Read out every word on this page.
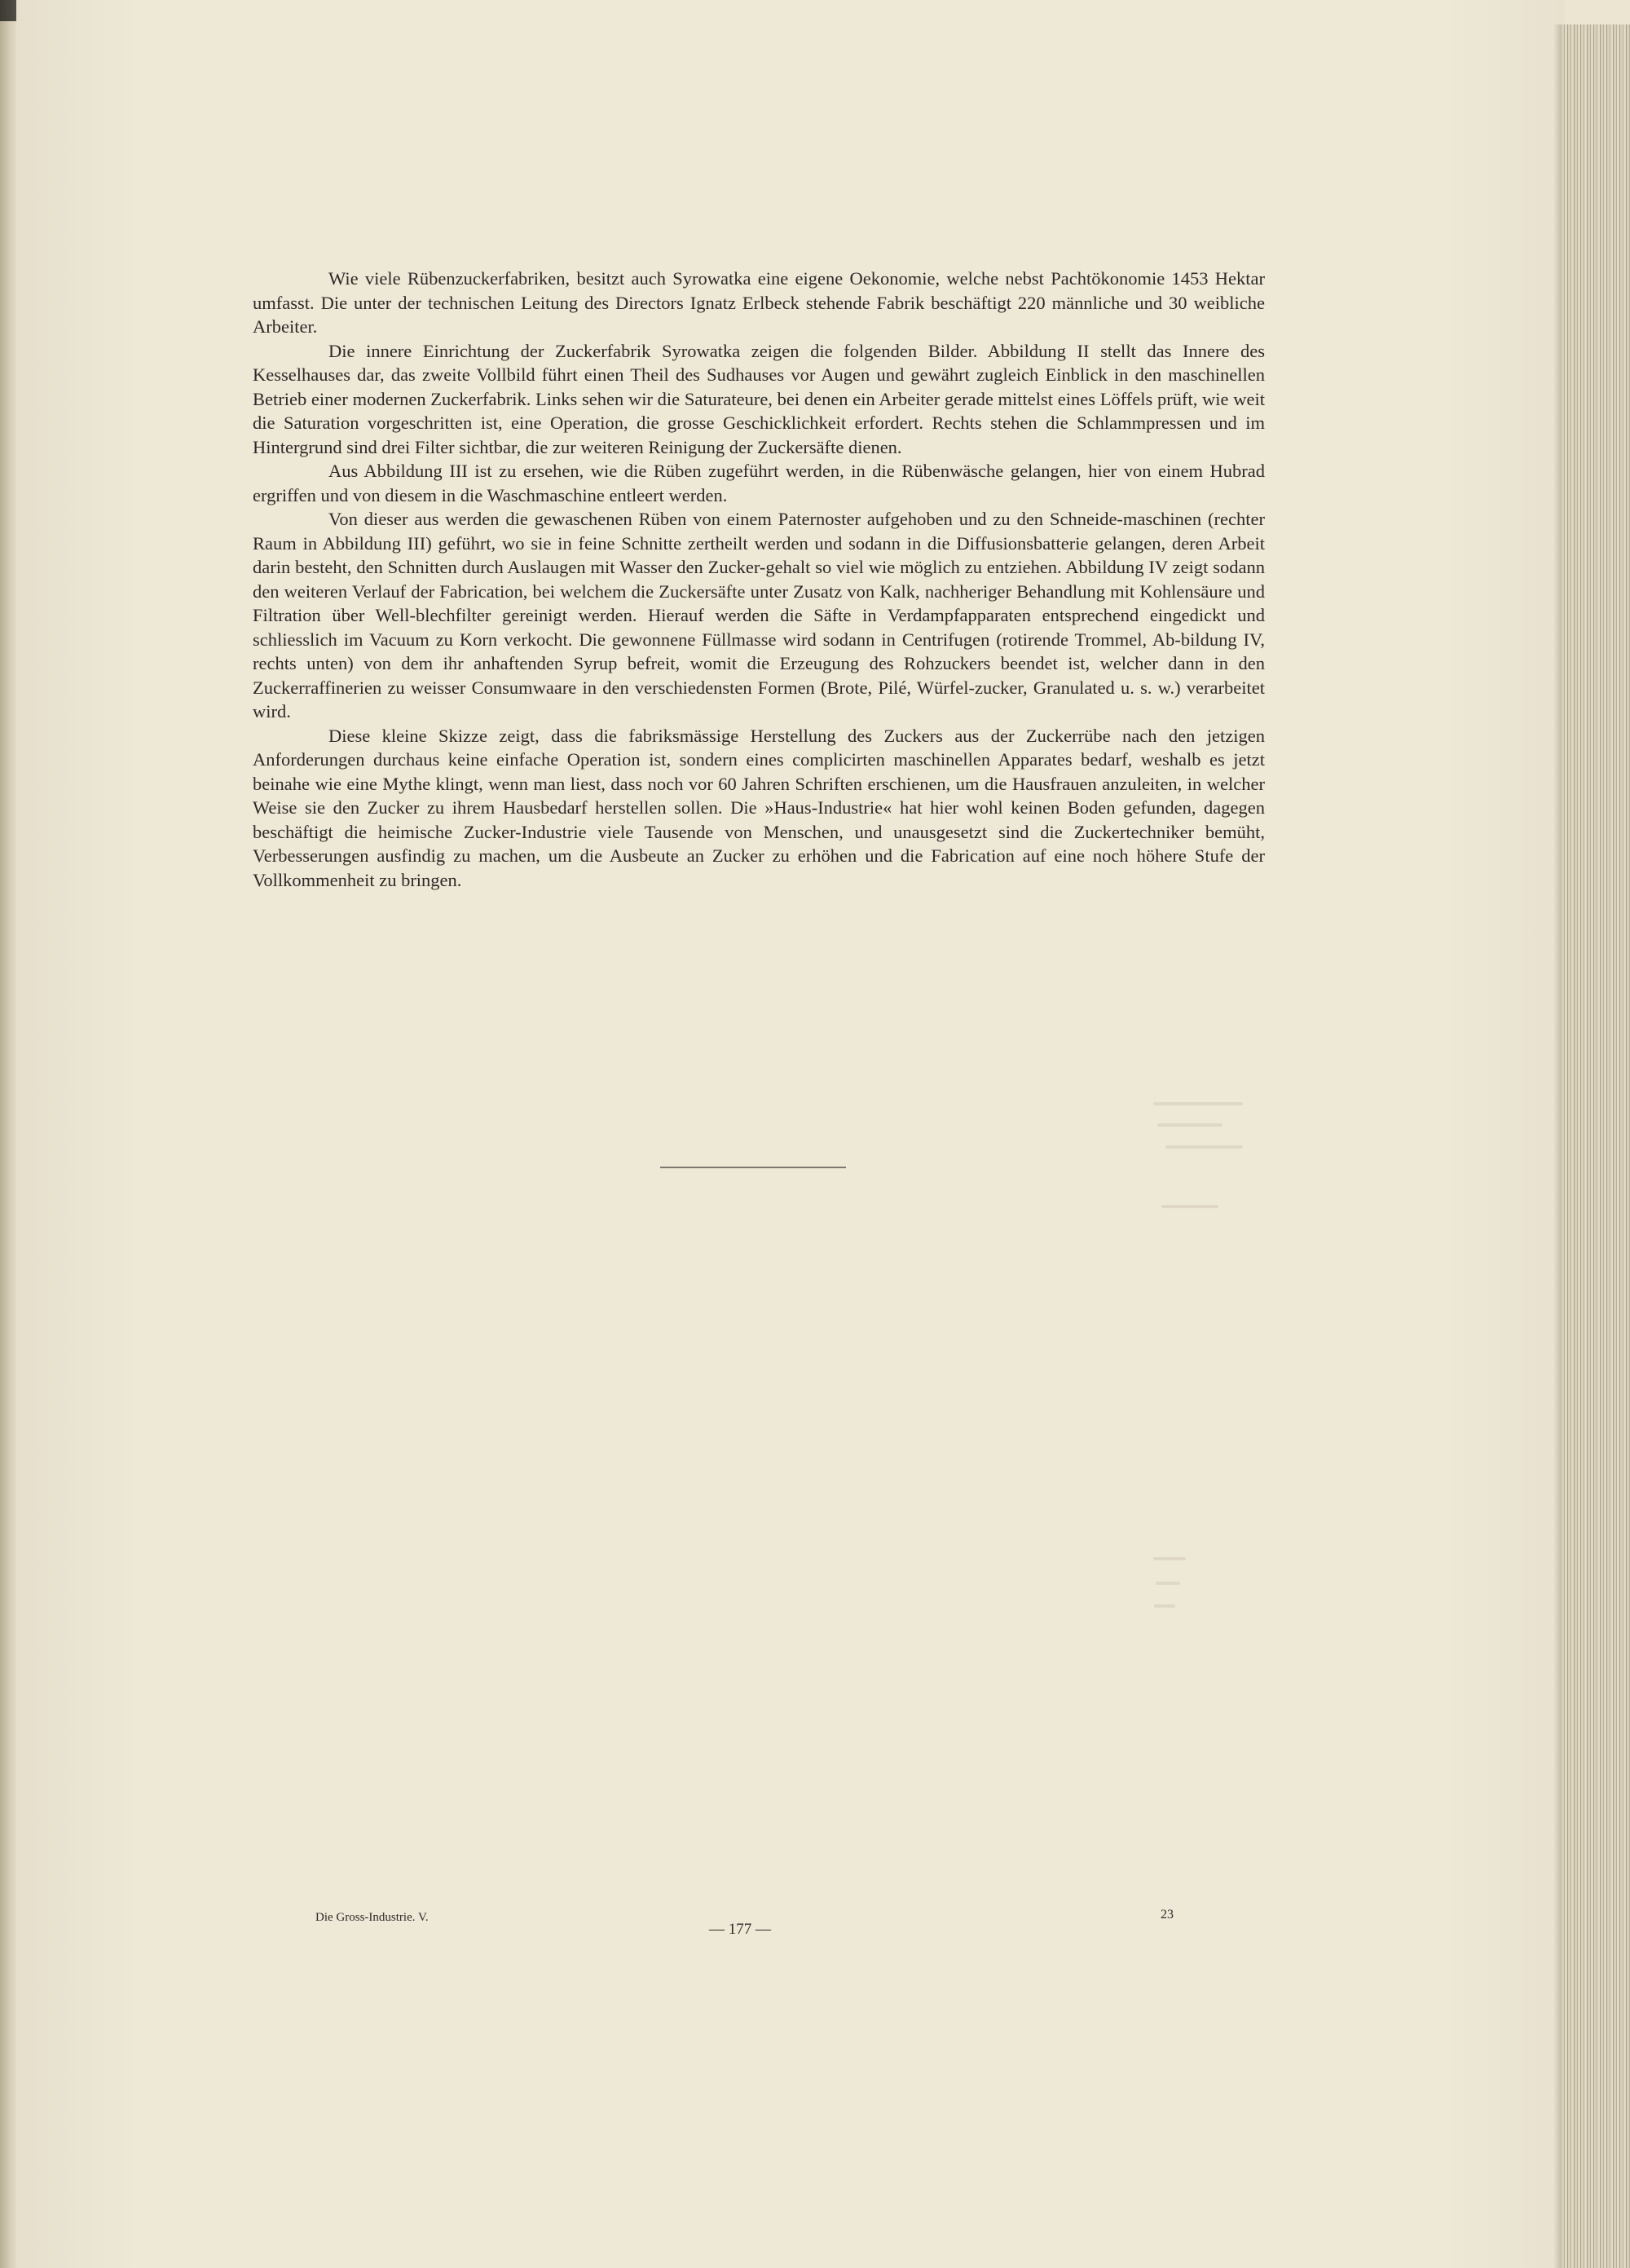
Wie viele Rübenzuckerfabriken, besitzt auch Syrowatka eine eigene Oekonomie, welche nebst Pachtökonomie 1453 Hektar umfasst. Die unter der technischen Leitung des Directors Ignatz Erlbeck stehende Fabrik beschäftigt 220 männliche und 30 weibliche Arbeiter.

Die innere Einrichtung der Zuckerfabrik Syrowatka zeigen die folgenden Bilder. Abbildung II stellt das Innere des Kesselhauses dar, das zweite Vollbild führt einen Theil des Sudhauses vor Augen und gewährt zugleich Einblick in den maschinellen Betrieb einer modernen Zuckerfabrik. Links sehen wir die Saturateure, bei denen ein Arbeiter gerade mittelst eines Löffels prüft, wie weit die Saturation vorgeschritten ist, eine Operation, die grosse Geschicklichkeit erfordert. Rechts stehen die Schlammpressen und im Hintergrund sind drei Filter sichtbar, die zur weiteren Reinigung der Zuckersäfte dienen.

Aus Abbildung III ist zu ersehen, wie die Rüben zugeführt werden, in die Rübenwäsche gelangen, hier von einem Hubrad ergriffen und von diesem in die Waschmaschine entleert werden.

Von dieser aus werden die gewaschenen Rüben von einem Paternoster aufgehoben und zu den Schneide-maschinen (rechter Raum in Abbildung III) geführt, wo sie in feine Schnitte zertheilt werden und sodann in die Diffusionsbatterie gelangen, deren Arbeit darin besteht, den Schnitten durch Auslaugen mit Wasser den Zucker-gehalt so viel wie möglich zu entziehen. Abbildung IV zeigt sodann den weiteren Verlauf der Fabrication, bei welchem die Zuckersäfte unter Zusatz von Kalk, nachheriger Behandlung mit Kohlensäure und Filtration über Well-blechfilter gereinigt werden. Hierauf werden die Säfte in Verdampfapparaten entsprechend eingedickt und schliesslich im Vacuum zu Korn verkocht. Die gewonnene Füllmasse wird sodann in Centrifugen (rotirende Trommel, Ab-bildung IV, rechts unten) von dem ihr anhaftenden Syrup befreit, womit die Erzeugung des Rohzuckers beendet ist, welcher dann in den Zuckerraffinerien zu weisser Consumwaare in den verschiedensten Formen (Brote, Pilé, Würfel-zucker, Granulated u. s. w.) verarbeitet wird.

Diese kleine Skizze zeigt, dass die fabriksmässige Herstellung des Zuckers aus der Zuckerrübe nach den jetzigen Anforderungen durchaus keine einfache Operation ist, sondern eines complicirten maschinellen Apparates bedarf, weshalb es jetzt beinahe wie eine Mythe klingt, wenn man liest, dass noch vor 60 Jahren Schriften erschienen, um die Hausfrauen anzuleiten, in welcher Weise sie den Zucker zu ihrem Hausbedarf herstellen sollen. Die »Haus-Industrie« hat hier wohl keinen Boden gefunden, dagegen beschäftigt die heimische Zucker-Industrie viele Tausende von Menschen, und unausgesetzt sind die Zuckertechniker bemüht, Verbesserungen ausfindig zu machen, um die Ausbeute an Zucker zu erhöhen und die Fabrication auf eine noch höhere Stufe der Vollkommenheit zu bringen.

Die Gross-Industrie. V.
— 177 —
23
